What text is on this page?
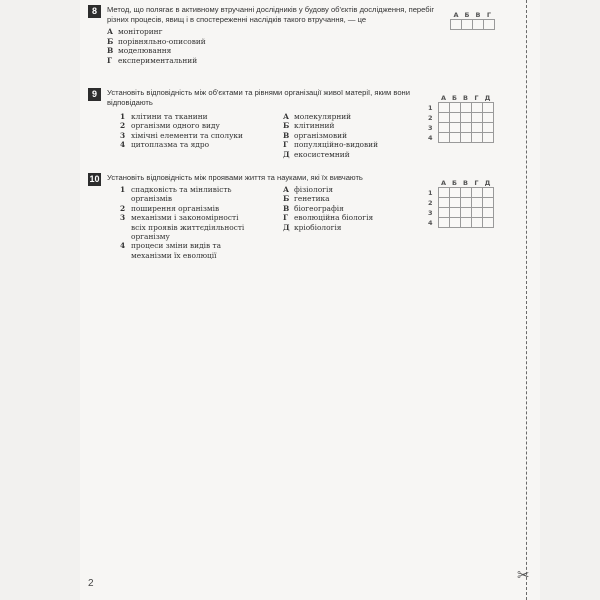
✂
8	Метод, що полягає в активному втручанні дослідників у будову об'єктів дослідження, перебіг різних процесів, явищ і в спостереженні наслідків такого втручання, — це
А моніторинг
Б порівняльно-описовий
В моделювання
Г експериментальний
А	Б	В	Г

9	Установіть відповідність між об'єктами та рівнями організації живої матерії, яким вони відповідають
1 клітини та тканини
2 організми одного виду
3 хімічні елементи та сполуки
4 цитоплазма та ядро
А молекулярний
Б клітинний
В організмовий
Г популяційно-видовий
Д екосистемний
	А	Б	В	Г	Д
1					
2					
3					
4					
10 Установіть відповідність між проявами життя та науками, які їх вивчають
1 спадковість та мінливість
організмів
2 поширення організмів
3 механізми і закономірності
всіх проявів життєдіяльності
організму
4 процеси зміни видів та
механізми їх еволюції
А фізіологія
Б генетика
В біогеографія
Г еволюційна біологія
Д кріобіологія
	А	Б	В	Г	Д
1					
2					
3					
4					
2
